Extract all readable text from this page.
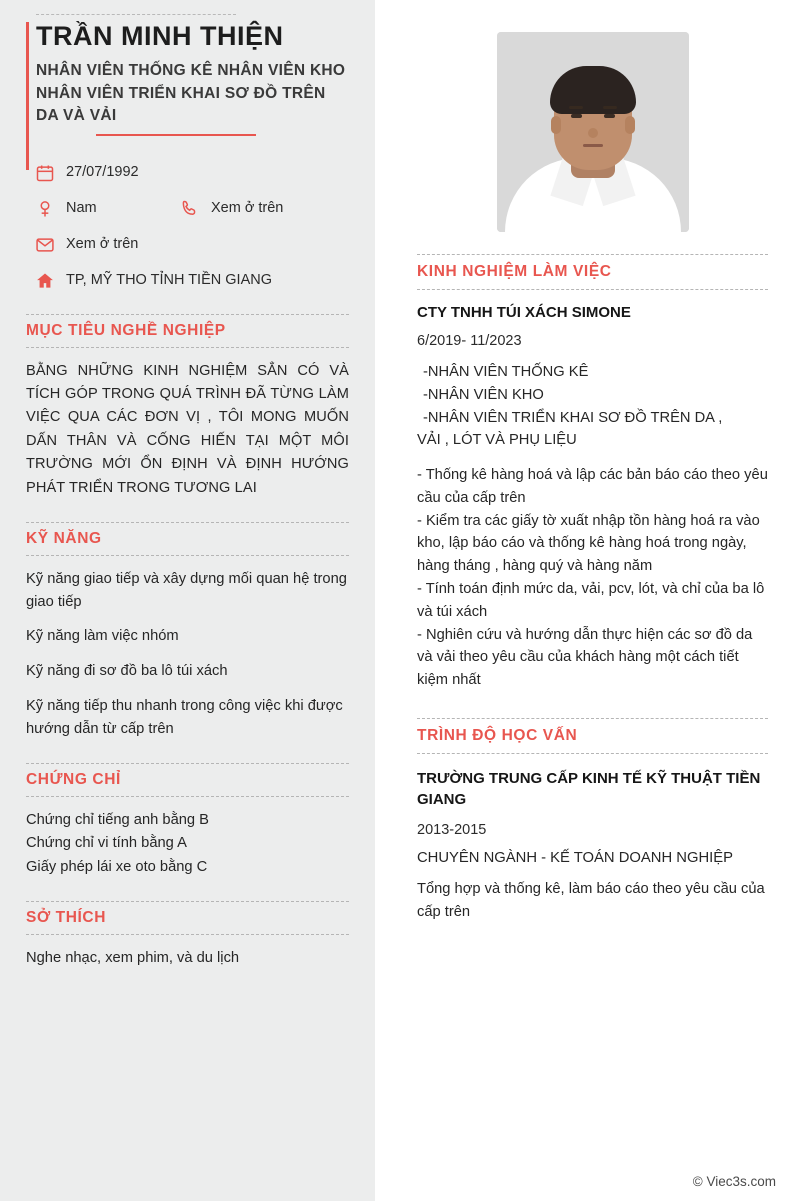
TRẦN MINH THIỆN
NHÂN VIÊN THỐNG KÊ NHÂN VIÊN KHO NHÂN VIÊN TRIỂN KHAI SƠ ĐỒ TRÊN DA VÀ VẢI
27/07/1992
Nam	Xem ở trên
Xem ở trên
TP, MỸ THO TỈNH TIỀN GIANG
MỤC TIÊU NGHỀ NGHIỆP
BẰNG NHỮNG KINH NGHIỆM SẲN CÓ VÀ TÍCH GÓP TRONG QUÁ TRÌNH ĐÃ TỪNG LÀM VIỆC QUA CÁC ĐƠN VỊ , TÔI MONG MUỐN DẤN THÂN VÀ CỐNG HIẾN TẠI MỘT MÔI TRƯỜNG MỚI ỔN ĐỊNH VÀ ĐỊNH HƯỚNG PHÁT TRIỂN TRONG TƯƠNG LAI
KỸ NĂNG
Kỹ năng giao tiếp và xây dựng mối quan hệ trong giao tiếp
Kỹ năng làm việc nhóm
Kỹ năng đi sơ đồ ba lô túi xách
Kỹ năng tiếp thu nhanh trong công việc khi được hướng dẫn từ cấp trên
CHỨNG CHỈ
Chứng chỉ tiếng anh bằng B
Chứng chỉ vi tính bằng A
Giấy phép lái xe oto bằng C
SỞ THÍCH
Nghe nhạc, xem phim, và du lịch
KINH NGHIỆM LÀM VIỆC
CTY TNHH TÚI XÁCH SIMONE
6/2019- 11/2023
-NHÂN VIÊN THỐNG KÊ
-NHÂN VIÊN KHO
-NHÂN VIÊN TRIỂN KHAI SƠ ĐỒ TRÊN DA ,
VẢI , LÓT VÀ PHỤ LIỆU
- Thống kê hàng hoá và lập các bản báo cáo theo yêu cầu của cấp trên
- Kiểm tra các giấy tờ xuất nhập tồn hàng hoá ra vào kho, lập báo cáo và thống kê hàng hoá trong ngày, hàng tháng , hàng quý và hàng năm
- Tính toán định mức da, vải, pcv, lót, và chỉ của ba lô và túi xách
- Nghiên cứu và hướng dẫn thực hiện các sơ đồ da và vải theo yêu cầu của khách hàng một cách tiết kiệm nhất
TRÌNH ĐỘ HỌC VẤN
TRƯỜNG TRUNG CẤP KINH TẾ KỸ THUẬT TIỀN GIANG
2013-2015
CHUYÊN NGÀNH - KẾ TOÁN DOANH NGHIỆP
Tổng hợp và thống kê, làm báo cáo theo yêu cầu của cấp trên
© Viec3s.com
